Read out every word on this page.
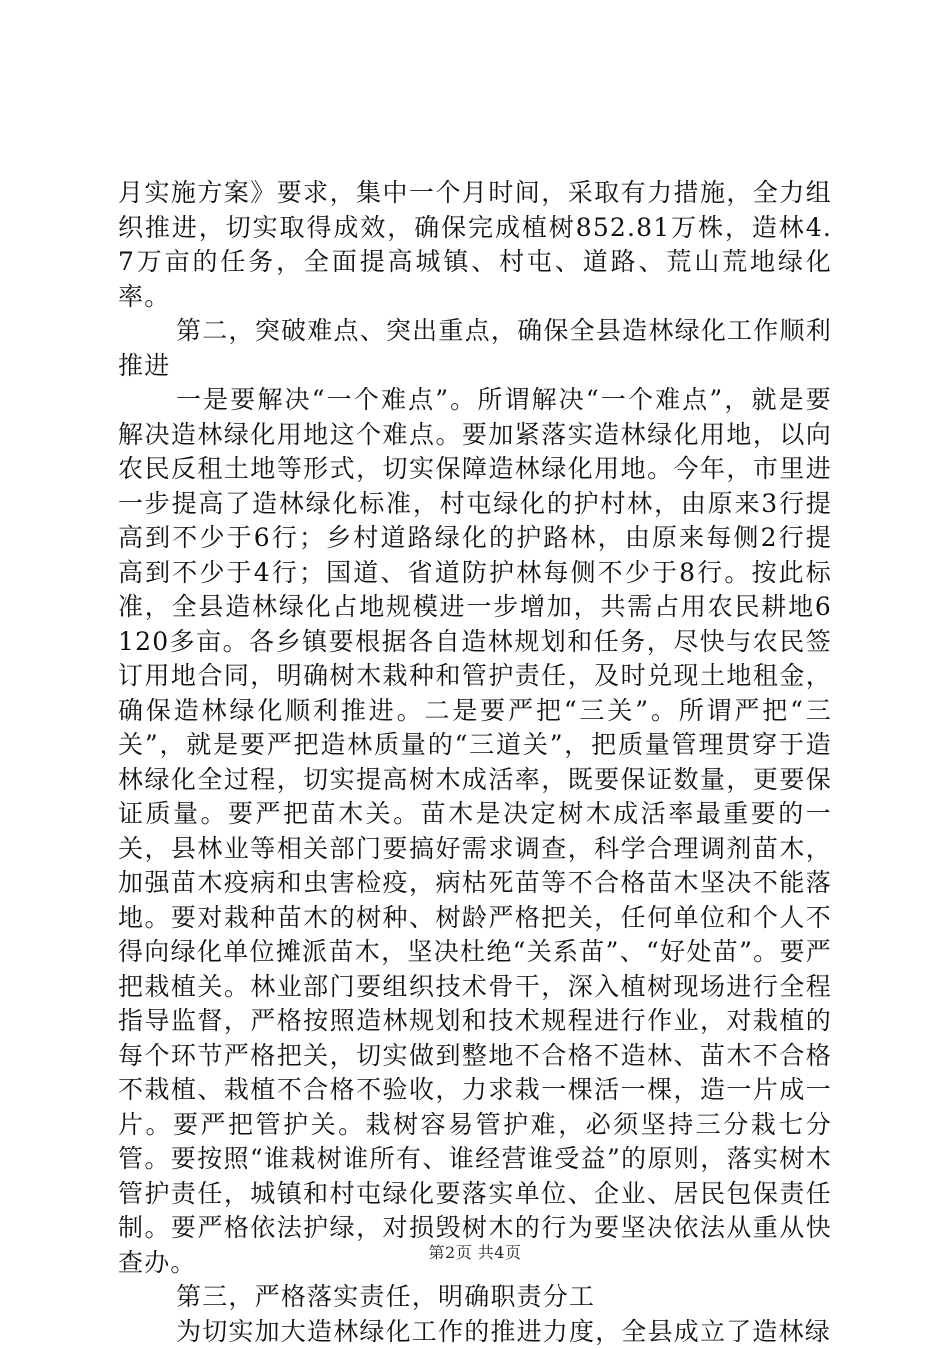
月实施方案》要求，集中一个月时间，采取有力措施，全力组织推进，切实取得成效，确保完成植树852.81万株，造林4.7万亩的任务，全面提高城镇、村屯、道路、荒山荒地绿化率。

第二，突破难点、突出重点，确保全县造林绿化工作顺利推进

一是要解决“一个难点”。所谓解决“一个难点”，就是要解决造林绿化用地这个难点。要加紧落实造林绿化用地，以向农民反租土地等形式，切实保障造林绿化用地。今年，市里进一步提高了造林绿化标准，村屯绿化的护村林，由原来3行提高到不少于6行；乡村道路绿化的护路林，由原来每侧2行提高到不少于4行；国道、省道防护林每侧不少于8行。按此标准，全县造林绿化占地规模进一步增加，共需占用农民耕地6120多亩。各乡镇要根据各自造林规划和任务，尽快与农民签订用地合同，明确树木栽种和管护责任，及时兑现土地租金，确保造林绿化顺利推进。二是要严把“三关”。所谓严把“三关”，就是要严把造林质量的“三道关”，把质量管理贯穿于造林绿化全过程，切实提高树木成活率，既要保证数量，更要保证质量。要严把苗木关。苗木是决定树木成活率最重要的一关，县林业等相关部门要搞好需求调查，科学合理调剂苗木，加强苗木疫病和虫害检疫，病枯死苗等不合格苗木坚决不能落地。要对栽种苗木的树种、树龄严格把关，任何单位和个人不得向绿化单位摊派苗木，坚决杜绝“关系苗”、“好处苗”。要严把栽植关。林业部门要组织技术骨干，深入植树现场进行全程指导监督，严格按照造林规划和技术规程进行作业，对栽植的每个环节严格把关，切实做到整地不合格不造林、苗木不合格不栽植、栽植不合格不验收，力求栽一棵活一棵，造一片成一片。要严把管护关。栽树容易管护难，必须坚持三分栽七分管。要按照“谁栽树谁所有、谁经营谁受益”的原则，落实树木管护责任，城镇和村屯绿化要落实单位、企业、居民包保责任制。要严格依法护绿，对损毁树木的行为要坚决依法从重从快查办。

第三，严格落实责任，明确职责分工

为切实加大造林绿化工作的推进力度，全县成立了造林绿

第2页 共4页
